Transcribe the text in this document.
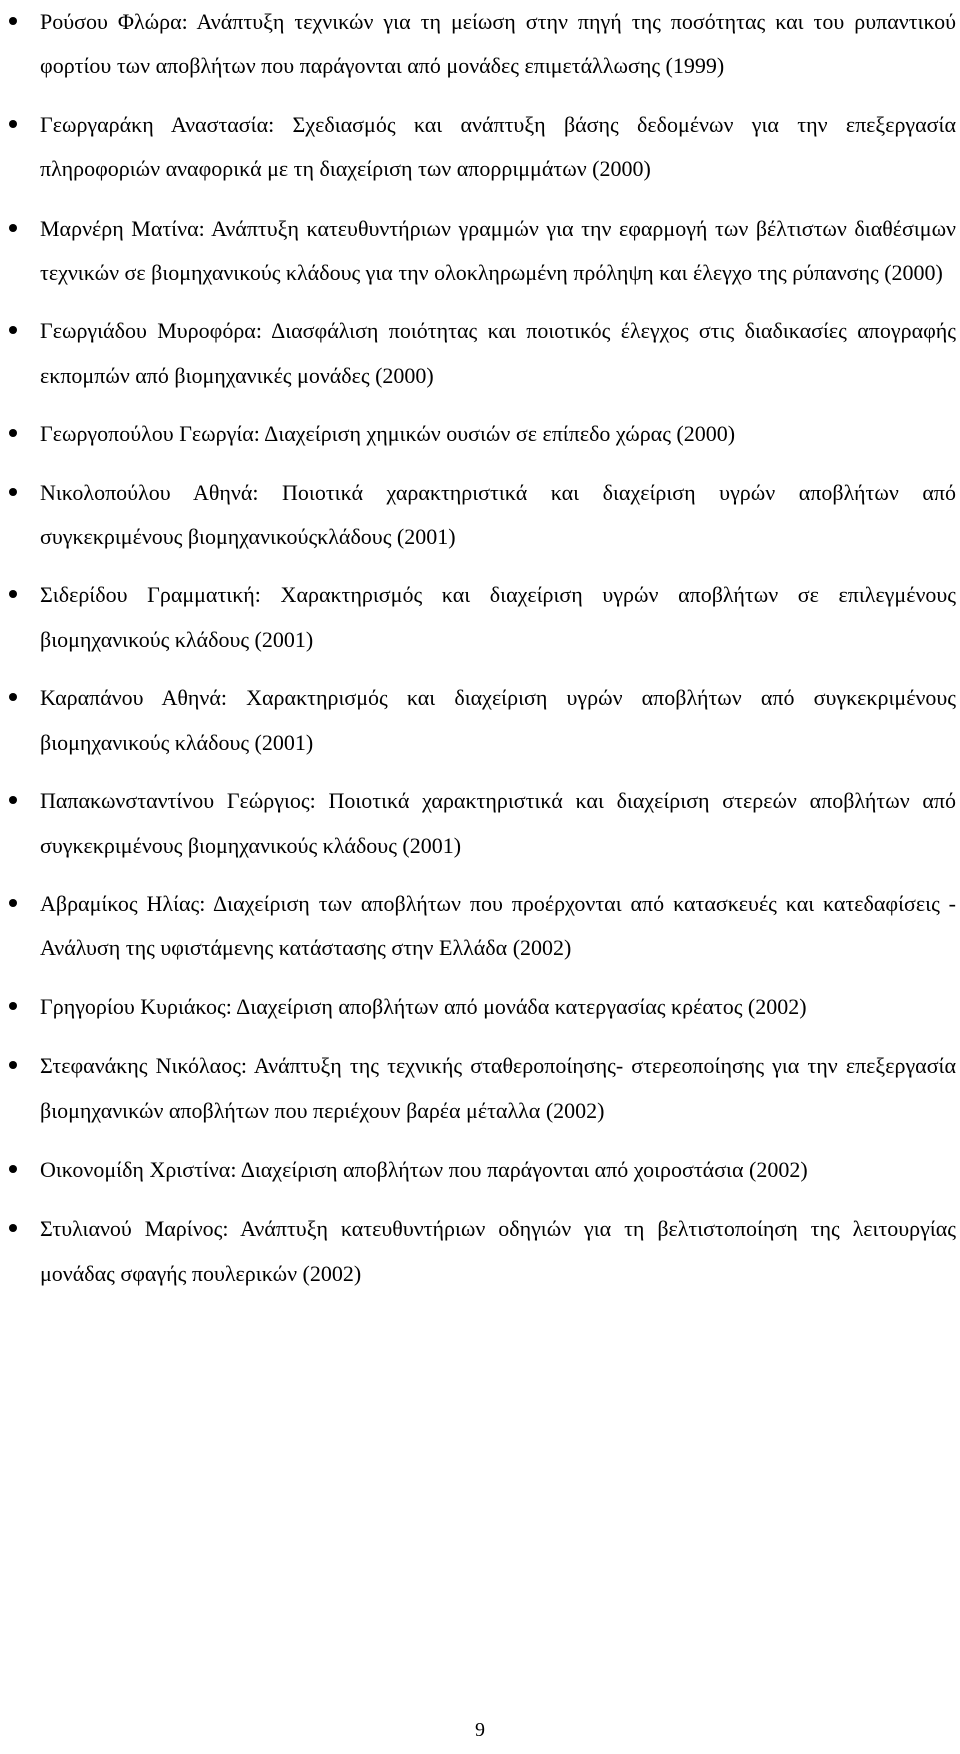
Ρούσου Φλώρα: Ανάπτυξη τεχνικών για τη μείωση στην πηγή της ποσότητας και του ρυπαντικού φορτίου των αποβλήτων που παράγονται από μονάδες επιμετάλλωσης (1999)
Γεωργαράκη Αναστασία: Σχεδιασμός και ανάπτυξη βάσης δεδομένων για την επεξεργασία πληροφοριών αναφορικά με τη διαχείριση των απορριμμάτων (2000)
Μαρνέρη Ματίνα: Ανάπτυξη κατευθυντήριων γραμμών για την εφαρμογή των βέλτιστων διαθέσιμων τεχνικών σε βιομηχανικούς κλάδους για την ολοκληρωμένη πρόληψη και έλεγχο της ρύπανσης (2000)
Γεωργιάδου Μυροφόρα: Διασφάλιση ποιότητας και ποιοτικός έλεγχος στις διαδικασίες απογραφής εκπομπών από βιομηχανικές μονάδες (2000)
Γεωργοπούλου Γεωργία: Διαχείριση χημικών ουσιών σε επίπεδο χώρας (2000)
Νικολοπούλου Αθηνά: Ποιοτικά χαρακτηριστικά και διαχείριση υγρών αποβλήτων από συγκεκριμένους βιομηχανικούςκλάδους (2001)
Σιδερίδου Γραμματική: Χαρακτηρισμός και διαχείριση υγρών αποβλήτων σε επιλεγμένους βιομηχανικούς κλάδους (2001)
Καραπάνου Αθηνά: Χαρακτηρισμός και διαχείριση υγρών αποβλήτων από συγκεκριμένους βιομηχανικούς κλάδους (2001)
Παπακωνσταντίνου Γεώργιος: Ποιοτικά χαρακτηριστικά και διαχείριση στερεών αποβλήτων από συγκεκριμένους βιομηχανικούς κλάδους (2001)
Αβραμίκος Ηλίας: Διαχείριση των αποβλήτων που προέρχονται από κατασκευές και κατεδαφίσεις - Ανάλυση της υφιστάμενης κατάστασης στην Ελλάδα (2002)
Γρηγορίου Κυριάκος: Διαχείριση αποβλήτων από μονάδα κατεργασίας κρέατος (2002)
Στεφανάκης Νικόλαος: Ανάπτυξη της τεχνικής σταθεροποίησης- στερεοποίησης για την επεξεργασία βιομηχανικών αποβλήτων που περιέχουν βαρέα μέταλλα (2002)
Οικονομίδη Χριστίνα: Διαχείριση αποβλήτων που παράγονται από χοιροστάσια (2002)
Στυλιανού Μαρίνος: Ανάπτυξη κατευθυντήριων οδηγιών για τη βελτιστοποίηση της λειτουργίας μονάδας σφαγής πουλερικών (2002)
9
